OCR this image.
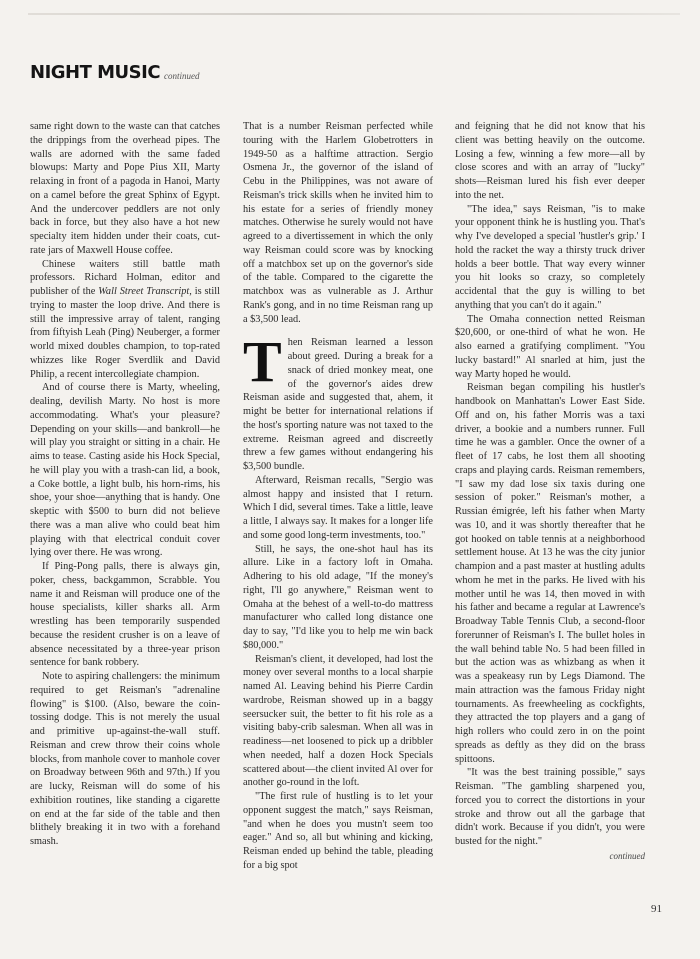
NIGHT MUSIC continued

same right down to the waste can that catches the drippings from the overhead pipes. The walls are adorned with the same faded blowups: Marty and Pope Pius XII, Marty relaxing in front of a pagoda in Hanoi, Marty on a camel before the great Sphinx of Egypt. And the undercover peddlers are not only back in force, but they also have a hot new specialty item hidden under their coats, cut-rate jars of Maxwell House coffee.

Chinese waiters still battle math professors. Richard Holman, editor and publisher of the Wall Street Transcript, is still trying to master the loop drive. And there is still the impressive array of talent, ranging from fiftyish Leah (Ping) Neuberger, a former world mixed doubles champion, to top-rated whizzes like Roger Sverdlik and David Philip, a recent intercollegiate champion.

And of course there is Marty, wheeling, dealing, devilish Marty. No host is more accommodating. What's your pleasure? Depending on your skills—and bankroll—he will play you straight or sitting in a chair. He aims to tease. Casting aside his Hock Special, he will play you with a trash-can lid, a book, a Coke bottle, a light bulb, his horn-rims, his shoe, your shoe—anything that is handy. One skeptic with $500 to burn did not believe there was a man alive who could beat him playing with that electrical conduit cover lying over there. He was wrong.

If Ping-Pong palls, there is always gin, poker, chess, backgammon, Scrabble. You name it and Reisman will produce one of the house specialists, killer sharks all. Arm wrestling has been temporarily suspended because the resident crusher is on a leave of absence necessitated by a three-year prison sentence for bank robbery.

Note to aspiring challengers: the minimum required to get Reisman's "adrenaline flowing" is $100. (Also, beware the coin-tossing dodge. This is not merely the usual and primitive up-against-the-wall stuff. Reisman and crew throw their coins whole blocks, from manhole cover to manhole cover on Broadway between 96th and 97th.) If you are lucky, Reisman will do some of his exhibition routines, like standing a cigarette on end at the far side of the table and then blithely breaking it in two with a forehand smash.

That is a number Reisman perfected while touring with the Harlem Globetrotters in 1949-50 as a halftime attraction. Sergio Osmena Jr., the governor of the island of Cebu in the Philippines, was not aware of Reisman's trick skills when he invited him to his estate for a series of friendly money matches. Otherwise he surely would not have agreed to a divertissement in which the only way Reisman could score was by knocking off a matchbox set up on the governor's side of the table. Compared to the cigarette the matchbox was as vulnerable as J. Arthur Rank's gong, and in no time Reisman rang up a $3,500 lead.

Then Reisman learned a lesson about greed. During a break for a snack of dried monkey meat, one of the governor's aides drew Reisman aside and suggested that, ahem, it might be better for international relations if the host's sporting nature was not taxed to the extreme. Reisman agreed and discreetly threw a few games without endangering his $3,500 bundle.

Afterward, Reisman recalls, "Sergio was almost happy and insisted that I return. Which I did, several times. Take a little, leave a little, I always say. It makes for a longer life and some good long-term investments, too."

Still, he says, the one-shot haul has its allure. Like in a factory loft in Omaha. Adhering to his old adage, "If the money's right, I'll go anywhere," Reisman went to Omaha at the behest of a well-to-do mattress manufacturer who called long distance one day to say, "I'd like you to help me win back $80,000."

Reisman's client, it developed, had lost the money over several months to a local sharpie named Al. Leaving behind his Pierre Cardin wardrobe, Reisman showed up in a baggy seersucker suit, the better to fit his role as a visiting baby-crib salesman. When all was in readiness—net loosened to pick up a dribbler when needed, half a dozen Hock Specials scattered about—the client invited Al over for another go-round in the loft.

"The first rule of hustling is to let your opponent suggest the match," says Reisman, "and when he does you mustn't seem too eager." And so, all but whining and kicking, Reisman ended up behind the table, pleading for a big spot

and feigning that he did not know that his client was betting heavily on the outcome. Losing a few, winning a few more—all by close scores and with an array of "lucky" shots—Reisman lured his fish ever deeper into the net.

"The idea," says Reisman, "is to make your opponent think he is hustling you. That's why I've developed a special 'hustler's grip.' I hold the racket the way a thirsty truck driver holds a beer bottle. That way every winner you hit looks so crazy, so completely accidental that the guy is willing to bet anything that you can't do it again."

The Omaha connection netted Reisman $20,600, or one-third of what he won. He also earned a gratifying compliment. "You lucky bastard!" Al snarled at him, just the way Marty hoped he would.

Reisman began compiling his hustler's handbook on Manhattan's Lower East Side. Off and on, his father Morris was a taxi driver, a bookie and a numbers runner. Full time he was a gambler. Once the owner of a fleet of 17 cabs, he lost them all shooting craps and playing cards. Reisman remembers, "I saw my dad lose six taxis during one session of poker." Reisman's mother, a Russian émigrée, left his father when Marty was 10, and it was shortly thereafter that he got hooked on table tennis at a neighborhood settlement house. At 13 he was the city junior champion and a past master at hustling adults whom he met in the parks. He lived with his mother until he was 14, then moved in with his father and became a regular at Lawrence's Broadway Table Tennis Club, a second-floor forerunner of Reisman's I. The bullet holes in the wall behind table No. 5 had been filled in but the action was as whizbang as when it was a speakeasy run by Legs Diamond. The main attraction was the famous Friday night tournaments. As freewheeling as cockfights, they attracted the top players and a gang of high rollers who could zero in on the point spreads as deftly as they did on the brass spittoons.

"It was the best training possible," says Reisman. "The gambling sharpened you, forced you to correct the distortions in your stroke and throw out all the garbage that didn't work. Because if you didn't, you were busted for the night."

continued
91
